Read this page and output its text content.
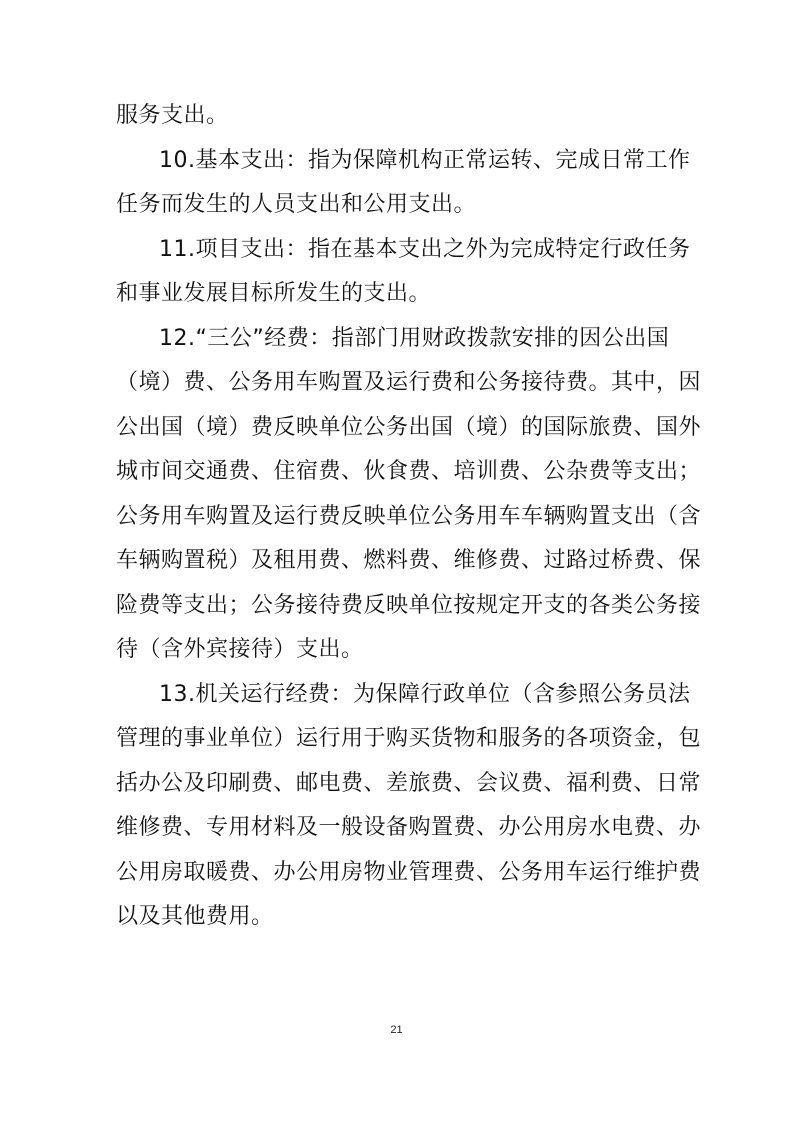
服务支出。
10.基本支出：指为保障机构正常运转、完成日常工作
任务而发生的人员支出和公用支出。
11.项目支出：指在基本支出之外为完成特定行政任务
和事业发展目标所发生的支出。
12.“三公”经费：指部门用财政拨款安排的因公出国
（境）费、公务用车购置及运行费和公务接待费。其中，因
公出国（境）费反映单位公务出国（境）的国际旅费、国外
城市间交通费、住宿费、伙食费、培训费、公杂费等支出；
公务用车购置及运行费反映单位公务用车车辆购置支出（含
车辆购置税）及租用费、燃料费、维修费、过路过桥费、保
险费等支出；公务接待费反映单位按规定开支的各类公务接
待（含外宾接待）支出。
13.机关运行经费：为保障行政单位（含参照公务员法
管理的事业单位）运行用于购买货物和服务的各项资金，包
括办公及印刷费、邮电费、差旅费、会议费、福利费、日常
维修费、专用材料及一般设备购置费、办公用房水电费、办
公用房取暖费、办公用房物业管理费、公务用车运行维护费
以及其他费用。
21
